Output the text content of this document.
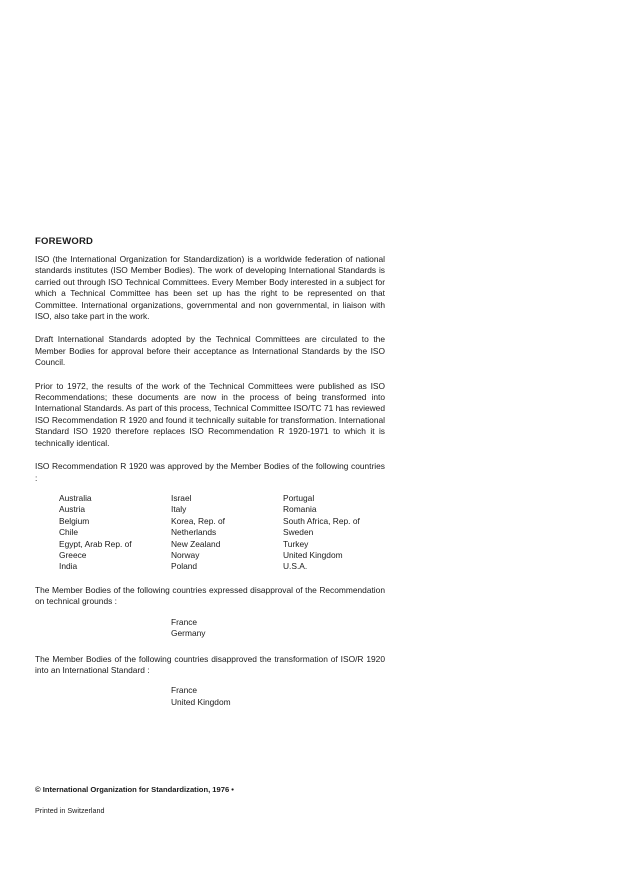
FOREWORD

ISO (the International Organization for Standardization) is a worldwide federation of national standards institutes (ISO Member Bodies). The work of developing International Standards is carried out through ISO Technical Committees. Every Member Body interested in a subject for which a Technical Committee has been set up has the right to be represented on that Committee. International organizations, governmental and non governmental, in liaison with ISO, also take part in the work.

Draft International Standards adopted by the Technical Committees are circulated to the Member Bodies for approval before their acceptance as International Standards by the ISO Council.

Prior to 1972, the results of the work of the Technical Committees were published as ISO Recommendations; these documents are now in the process of being transformed into International Standards. As part of this process, Technical Committee ISO/TC 71 has reviewed ISO Recommendation R 1920 and found it technically suitable for transformation. International Standard ISO 1920 therefore replaces ISO Recommendation R 1920-1971 to which it is technically identical.

ISO Recommendation R 1920 was approved by the Member Bodies of the following countries :

Australia
Austria
Belgium
Chile
Egypt, Arab Rep. of
Greece
India
Israel
Italy
Korea, Rep. of
Netherlands
New Zealand
Norway
Poland
Portugal
Romania
South Africa, Rep. of
Sweden
Turkey
United Kingdom
U.S.A.

The Member Bodies of the following countries expressed disapproval of the Recommendation on technical grounds :

France
Germany

The Member Bodies of the following countries disapproved the transformation of ISO/R 1920 into an International Standard :

France
United Kingdom
© International Organization for Standardization, 1976 •
Printed in Switzerland
